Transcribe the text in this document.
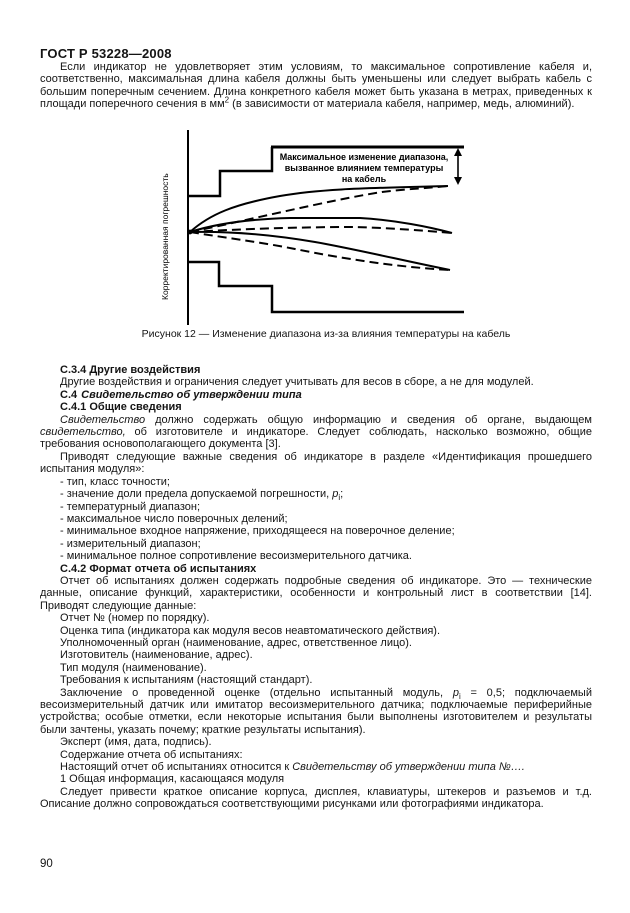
ГОСТ Р 53228—2008

Если индикатор не удовлетворяет этим условиям, то максимальное сопротивление кабеля и, соответственно, максимальная длина кабеля должны быть уменьшены или следует выбрать кабель с большим поперечным сечением. Длина конкретного кабеля может быть указана в метрах, приведенных к площади поперечного сечения в $мм^2$ (в зависимости от материала кабеля, например, медь, алюминий).

Корректированная погрешность
Максимальное изменение диапазона,
вызванное влиянием температуры
на кабель

Рисунок 12 — Изменение диапазона из-за влияния температуры на кабель

С.3.4 Другие воздействия

Другие воздействия и ограничения следует учитывать для весов в сборе, а не для модулей.

С.4 Свидетельство об утверждении типа

С.4.1 Общие сведения

Свидетельство должно содержать общую информацию и сведения об органе, выдающем свидетельство, об изготовителе и индикаторе. Следует соблюдать, насколько возможно, общие требования основополагающего документа [3].

Приводят следующие важные сведения об индикаторе в разделе «Идентификация прошедшего испытания модуля»:

- тип, класс точности;

- значение доли предела допускаемой погрешности, $p_i$;

- температурный диапазон;

- максимальное число поверочных делений;

- минимальное входное напряжение, приходящееся на поверочное деление;

- измерительный диапазон;

- минимальное полное сопротивление весоизмерительного датчика.

С.4.2 Формат отчета об испытаниях

Отчет об испытаниях должен содержать подробные сведения об индикаторе. Это — технические данные, описание функций, характеристики, особенности и контрольный лист в соответствии [14]. Приводят следующие данные:

Отчет № (номер по порядку).

Оценка типа (индикатора как модуля весов неавтоматического действия).

Уполномоченный орган (наименование, адрес, ответственное лицо).

Изготовитель (наименование, адрес).

Тип модуля (наименование).

Требования к испытаниям (настоящий стандарт).

Заключение о проведенной оценке (отдельно испытанный модуль, $p_i = 0,5$; подключаемый весоизмерительный датчик или имитатор весоизмерительного датчика; подключаемые периферийные устройства; особые отметки, если некоторые испытания были выполнены изготовителем и результаты были зачтены, указать почему; краткие результаты испытания).

Эксперт (имя, дата, подпись).

Содержание отчета об испытаниях:

Настоящий отчет об испытаниях относится к Свидетельству об утверждении типа №….

1 Общая информация, касающаяся модуля

Следует привести краткое описание корпуса, дисплея, клавиатуры, штекеров и разъемов и т.д. Описание должно сопровождаться соответствующими рисунками или фотографиями индикатора.

90
